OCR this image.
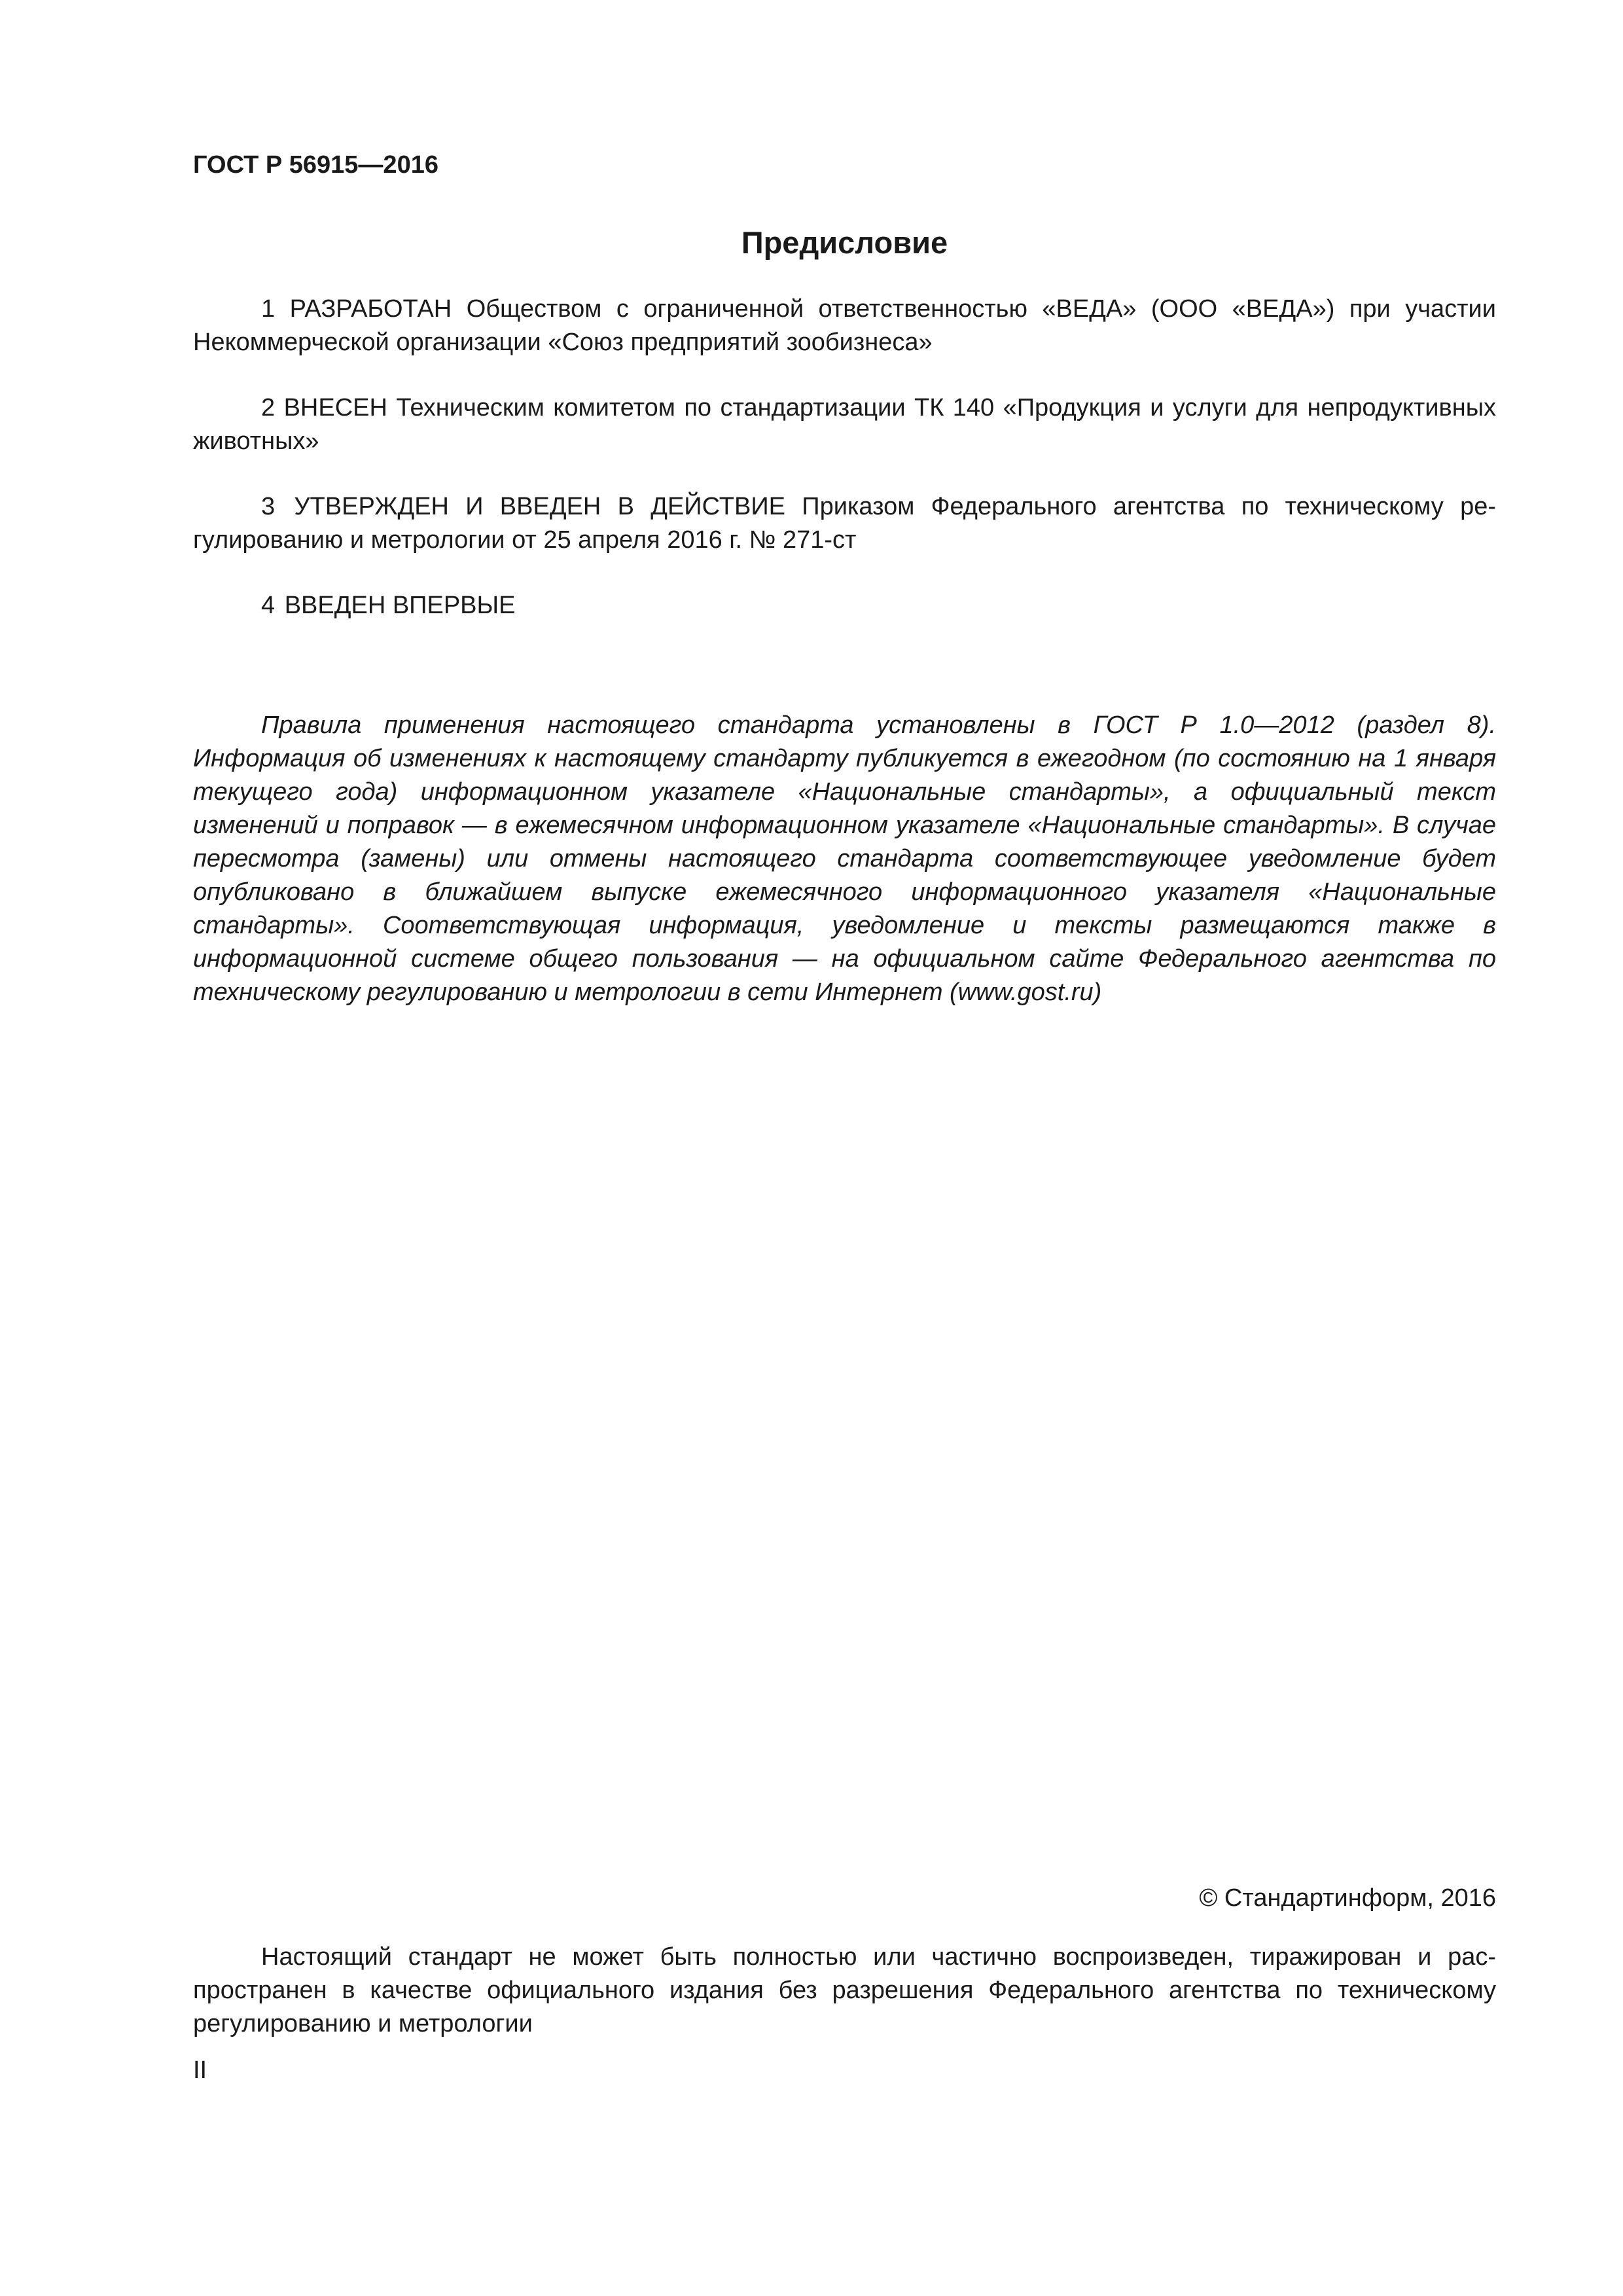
ГОСТ Р 56915—2016
Предисловие

1 РАЗРАБОТАН Обществом с ограниченной ответственностью «ВЕДА» (ООО «ВЕДА») при участии Некоммерческой организации «Союз предприятий зообизнеса»

2 ВНЕСЕН Техническим комитетом по стандартизации ТК 140 «Продукция и услуги для непродуктивных животных»

3 УТВЕРЖДЕН И ВВЕДЕН В ДЕЙСТВИЕ Приказом Федерального агентства по техническому регулированию и метрологии от 25 апреля 2016 г. № 271-ст

4 ВВЕДЕН ВПЕРВЫЕ

Правила применения настоящего стандарта установлены в ГОСТ Р 1.0—2012 (раздел 8). Информация об изменениях к настоящему стандарту публикуется в ежегодном (по состоянию на 1 января текущего года) информационном указателе «Национальные стандарты», а официальный текст изменений и поправок — в ежемесячном информационном указателе «Национальные стандарты». В случае пересмотра (замены) или отмены настоящего стандарта соответствующее уведомление будет опубликовано в ближайшем выпуске ежемесячного информационного указателя «Национальные стандарты». Соответствующая информация, уведомление и тексты размещаются также в информационной системе общего пользования — на официальном сайте Федерального агентства по техническому регулированию и метрологии в сети Интернет (www.gost.ru)

© Стандартинформ, 2016

Настоящий стандарт не может быть полностью или частично воспроизведен, тиражирован и распространен в качестве официального издания без разрешения Федерального агентства по техническому регулированию и метрологии

II
